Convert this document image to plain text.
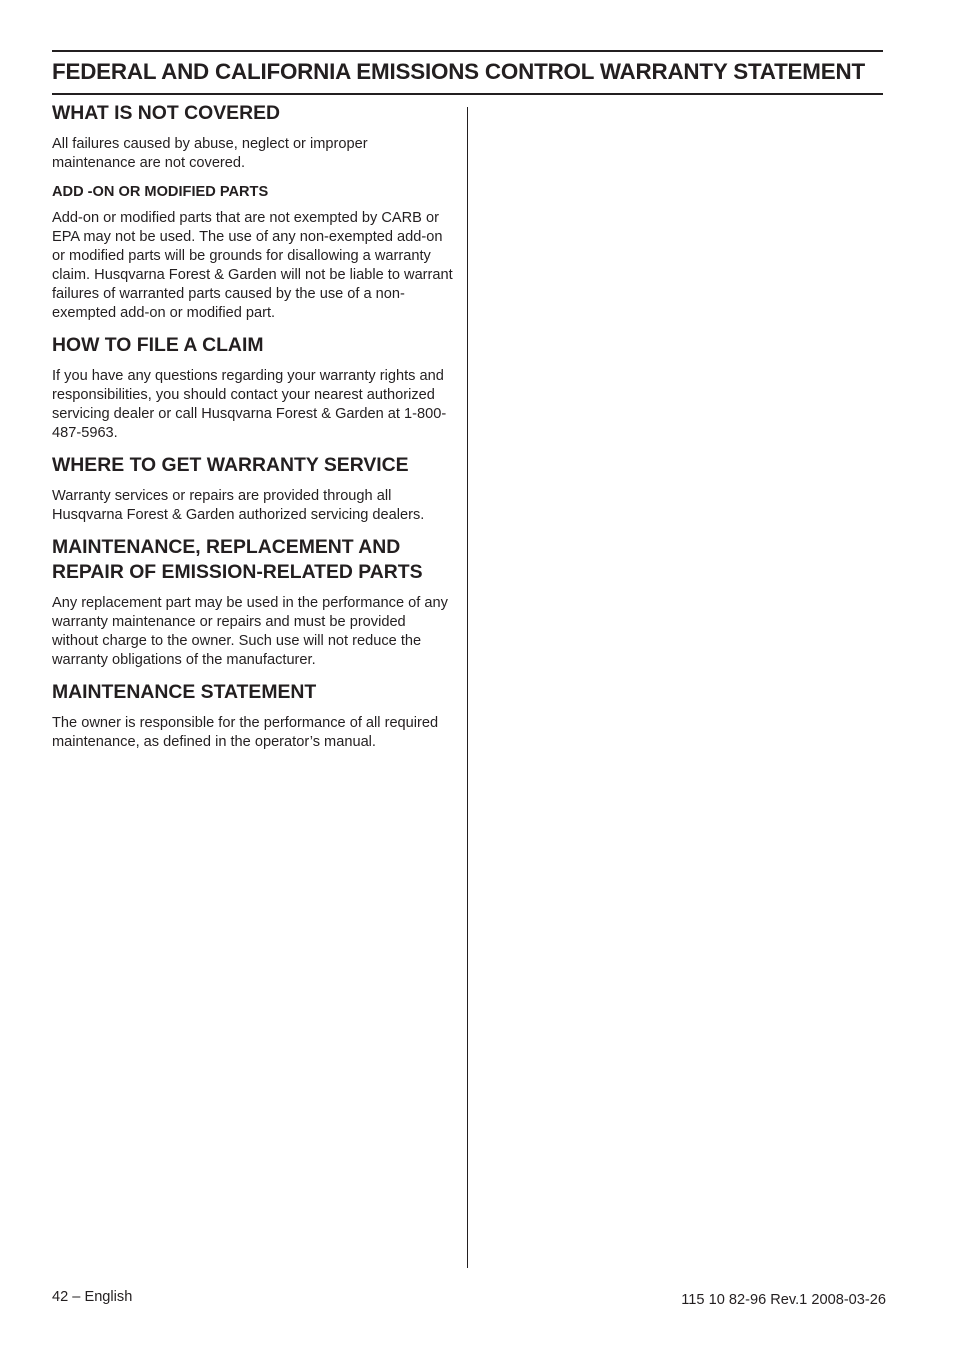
FEDERAL AND CALIFORNIA EMISSIONS CONTROL WARRANTY STATEMENT
WHAT IS NOT COVERED

All failures caused by abuse, neglect or improper maintenance are not covered.

ADD -ON OR MODIFIED PARTS

Add-on or modified parts that are not exempted by CARB or EPA may not be used. The use of any non-exempted add-on or modified parts will be grounds for disallowing a warranty claim. Husqvarna Forest & Garden will not be liable to warrant failures of warranted parts caused by the use of a non-exempted add-on or modified part.

HOW TO FILE A CLAIM

If you have any questions regarding your warranty rights and responsibilities, you should contact your nearest authorized servicing dealer or call Husqvarna Forest & Garden at 1-800-487-5963.

WHERE TO GET WARRANTY SERVICE

Warranty services or repairs are provided through all Husqvarna Forest & Garden authorized servicing dealers.

MAINTENANCE, REPLACEMENT AND REPAIR OF EMISSION-RELATED PARTS

Any replacement part may be used in the performance of any warranty maintenance or repairs and must be provided without charge to the owner. Such use will not reduce the warranty obligations of the manufacturer.

MAINTENANCE STATEMENT

The owner is responsible for the performance of all required maintenance, as defined in the operator’s manual.

42 – English	115 10 82-96 Rev.1 2008-03-26
